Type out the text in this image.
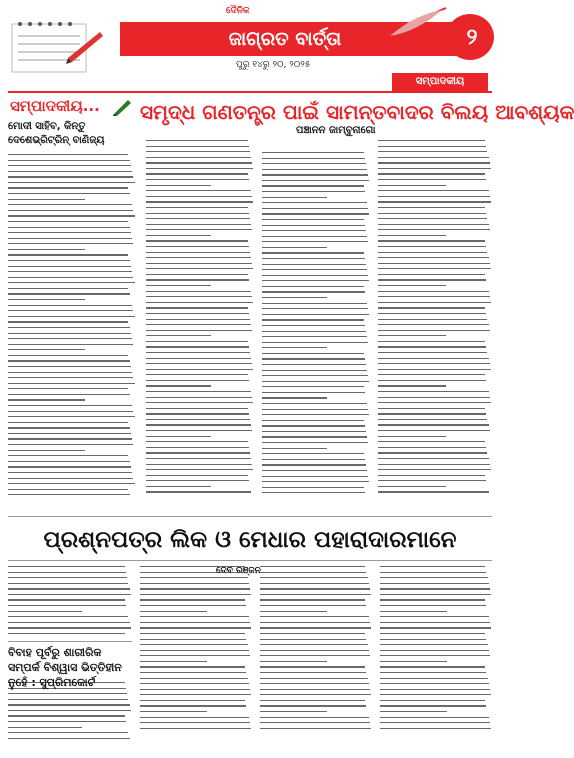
ଦୈନିକ
ଜାଗ୍ରତ ବାର୍ତ୍ତା	୨
ପୁରୁ ୧୪ରୁ ୨୦, ୨୦୨୫
ସମ୍ପାଦକୀୟ
ସମ୍ପାଦକୀୟ... ସମୃଦ୍ଧ ଗଣତନ୍ତ୍ର ପାଇଁ ସାମନ୍ତବାଦର ବିଲୟ ଆବଶ୍ୟକ
ପଞ୍ଚାନନ ଜାମ୍ବୁନାଗୋ
ମୋଦୀ ସାହିବ, କିନ୍ତୁ ଦେଶେଭ୍ରିଟ୍ରିନ୍ ବାଣିଜ୍ୟ
ପ୍ରଶ୍ନପତ୍ର ଲିକ ଓ ମେଧାର ପହାରାଦାରମାନେ
ରଞ୍ଜନ
ବିବାହ ପୂର୍ବରୁ ଶାରୀରିକ ସମ୍ପର୍କ ବିଶ୍ୱାସ ଭିତ୍ତିହୀନ ନୁହେଁ : ସୁପ୍ରିମକୋର୍ଟ
